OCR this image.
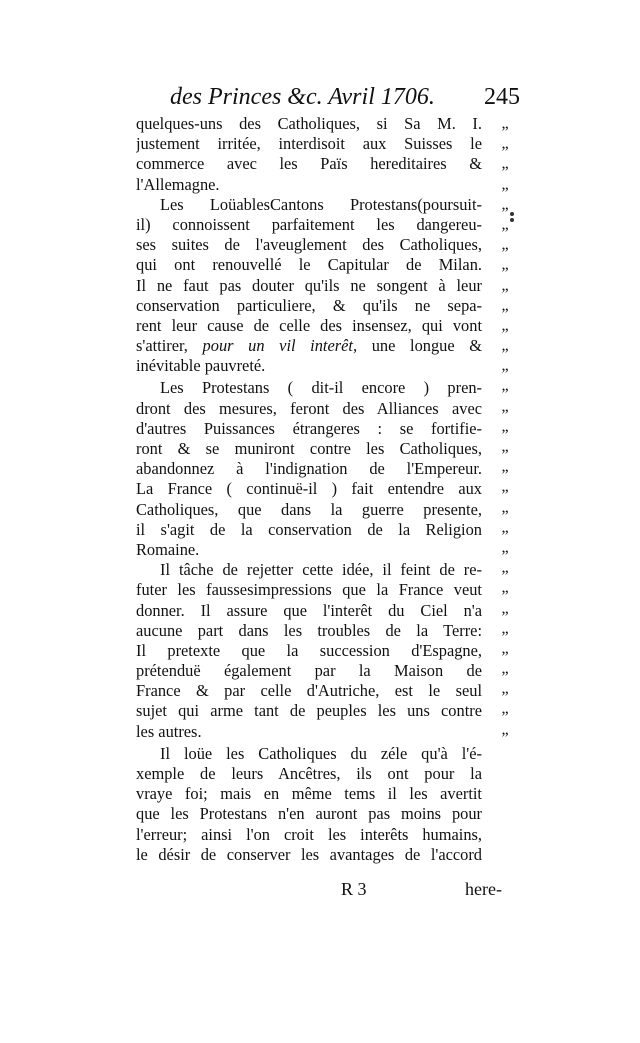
des Princes &c. Avril 1706. 245
quelques-uns des Catholiques, si Sa M. I.
justement irritée, interdisoit aux Suisses le
commerce avec les Païs hereditaires &
l'Allemagne.
Les LoüablesCantons Protestans(poursuit-
il) connoissent parfaitement les dangereu-
ses suites de l'aveuglement des Catholiques,
qui ont renouvellé le Capitular de Milan.
Il ne faut pas douter qu'ils ne songent à leur
conservation particuliere, & qu'ils ne sepa-
rent leur cause de celle des insensez, qui vont
s'attirer, pour un vil interêt, une longue &
inévitable pauvreté.
Les Protestans ( dit-il encore ) pren-
dront des mesures, feront des Alliances avec
d'autres Puissances étrangeres : se fortifie-
ront & se muniront contre les Catholiques,
abandonnez à l'indignation de l'Empereur.
La France ( continuë-il ) fait entendre aux
Catholiques, que dans la guerre presente,
il s'agit de la conservation de la Religion
Romaine.
Il tâche de rejetter cette idée, il feint de re-
futer les faussesimpressions que la France veut
donner. Il assure que l'interêt du Ciel n'a
aucune part dans les troubles de la Terre:
Il pretexte que la succession d'Espagne,
prétenduë également par la Maison de
France & par celle d'Autriche, est le seul
sujet qui arme tant de peuples les uns contre
les autres.
Il loüe les Catholiques du zéle qu'à l'é-
xemple de leurs Ancêtres, ils ont pour la
vraye foi; mais en même tems il les avertit
que les Protestans n'en auront pas moins pour
l'erreur; ainsi l'on croit les interêts humains,
le désir de conserver les avantages de l'accord
„
„
„
„
„
„
„
„
„
„
„
„
„
„
„
„
„
„
„
„
„
„
„
„
„
„
„
„
„
„
„
R 3	here-
